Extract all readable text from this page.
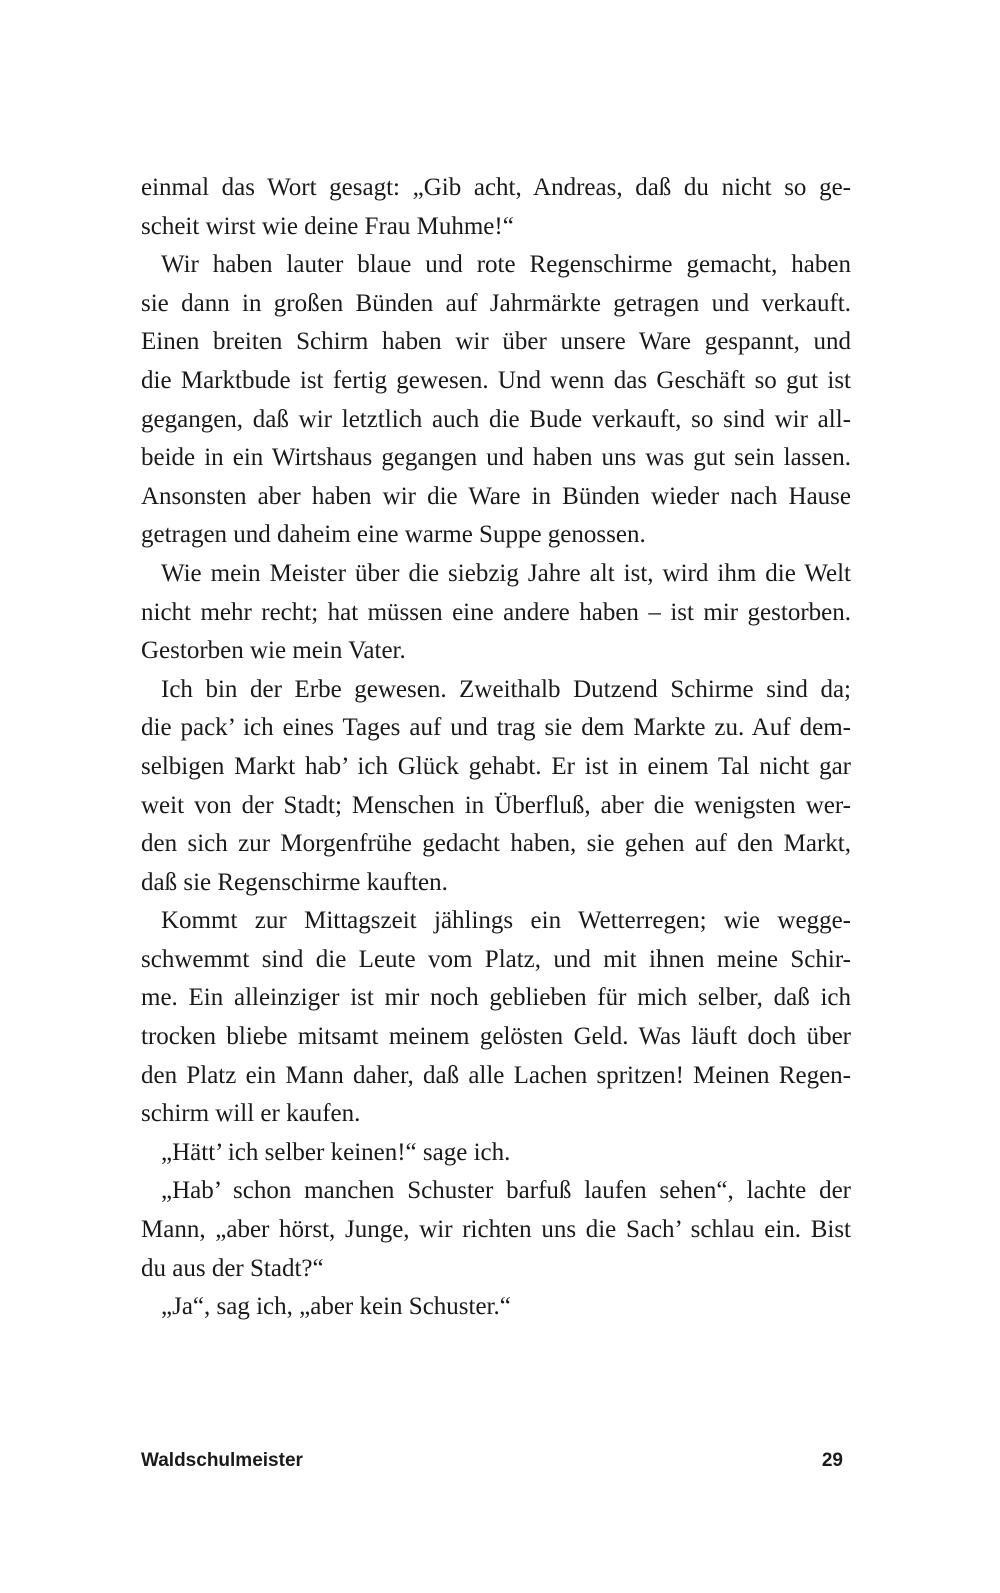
einmal das Wort gesagt: „Gib acht, Andreas, daß du nicht so ge-
scheit wirst wie deine Frau Muhme!“
Wir haben lauter blaue und rote Regenschirme gemacht, haben
sie dann in großen Bünden auf Jahrmärkte getragen und verkauft.
Einen breiten Schirm haben wir über unsere Ware gespannt, und
die Marktbude ist fertig gewesen. Und wenn das Geschäft so gut ist
gegangen, daß wir letztlich auch die Bude verkauft, so sind wir all-
beide in ein Wirtshaus gegangen und haben uns was gut sein lassen.
Ansonsten aber haben wir die Ware in Bünden wieder nach Hause
getragen und daheim eine warme Suppe genossen.
Wie mein Meister über die siebzig Jahre alt ist, wird ihm die Welt
nicht mehr recht; hat müssen eine andere haben – ist mir gestorben.
Gestorben wie mein Vater.
Ich bin der Erbe gewesen. Zweithalb Dutzend Schirme sind da;
die pack’ ich eines Tages auf und trag sie dem Markte zu. Auf dem-
selbigen Markt hab’ ich Glück gehabt. Er ist in einem Tal nicht gar
weit von der Stadt; Menschen in Überfluß, aber die wenigsten wer-
den sich zur Morgenfrühe gedacht haben, sie gehen auf den Markt,
daß sie Regenschirme kauften.
Kommt zur Mittagszeit jählings ein Wetterregen; wie wegge-
schwemmt sind die Leute vom Platz, und mit ihnen meine Schir-
me. Ein alleinziger ist mir noch geblieben für mich selber, daß ich
trocken bliebe mitsamt meinem gelösten Geld. Was läuft doch über
den Platz ein Mann daher, daß alle Lachen spritzen! Meinen Regen-
schirm will er kaufen.
„Hätt’ ich selber keinen!“ sage ich.
„Hab’ schon manchen Schuster barfuß laufen sehen“, lachte der
Mann, „aber hörst, Junge, wir richten uns die Sach’ schlau ein. Bist
du aus der Stadt?“
„Ja“, sag ich, „aber kein Schuster.“
Waldschulmeister	29
